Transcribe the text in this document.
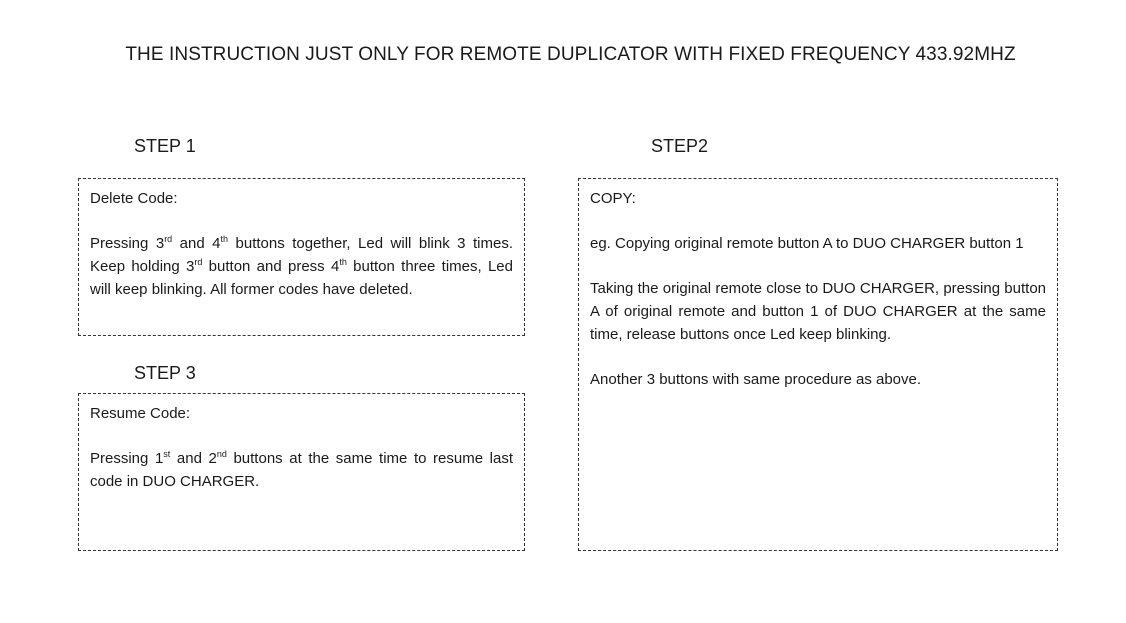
THE INSTRUCTION JUST ONLY FOR REMOTE DUPLICATOR WITH FIXED FREQUENCY 433.92MHZ
STEP 1

Delete Code:

Pressing 3rd and 4th buttons together, Led will blink 3 times. Keep holding 3rd button and press 4th button three times, Led will keep blinking. All former codes have deleted.

STEP2

COPY:

eg. Copying original remote button A to DUO CHARGER button 1

Taking the original remote close to DUO CHARGER, pressing button A of original remote and button 1 of DUO CHARGER at the same time, release buttons once Led keep blinking.

Another 3 buttons with same procedure as above.

STEP 3

Resume Code:

Pressing 1st and 2nd buttons at the same time to resume last code in DUO CHARGER.
